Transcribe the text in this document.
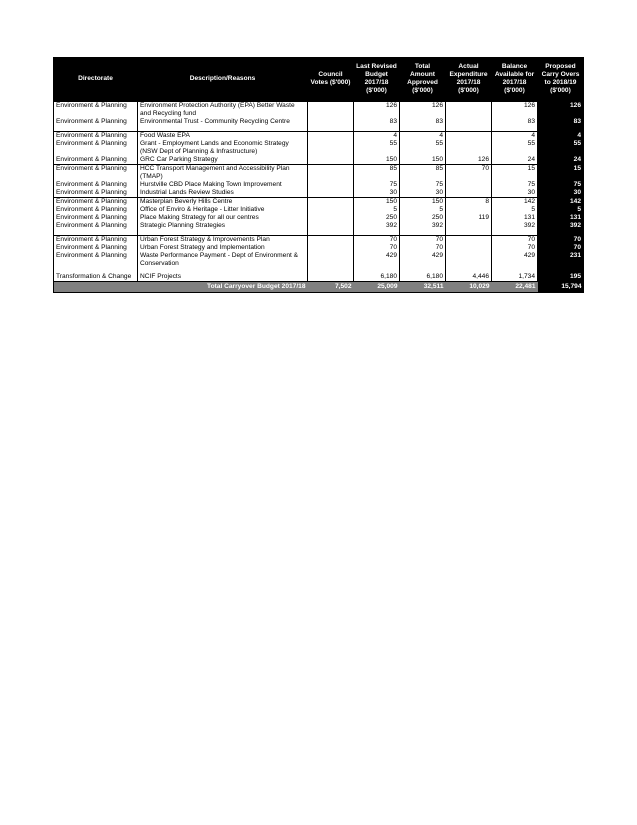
Directorate	Description/Reasons	Council Votes ($'000)	Last Revised Budget 2017/18 ($'000)	Total Amount Approved ($'000)	Actual Expenditure 2017/18 ($'000)	Balance Available for 2017/18 ($'000)	Proposed Carry Overs to 2018/19 ($'000)
Environment & Planning	Environment Protection Authority (EPA) Better Waste and Recycling fund		126	126		126	126
Environment & Planning	Environmental Trust - Community Recycling Centre		83	83		83	83

Environment & Planning	Food Waste EPA		4	4		4	4
Environment & Planning	Grant - Employment Lands and Economic Strategy (NSW Dept of Planning & Infrastructure)		55	55		55	55
Environment & Planning	GRC Car Parking Strategy		150	150	126	24	24
Environment & Planning	HCC Transport Management and Accessibility Plan (TMAP)		85	85	70	15	15
Environment & Planning	Hurstville CBD Place Making Town Improvement		75	75		75	75
Environment & Planning	Industrial Lands Review Studies		30	30		30	30
Environment & Planning	Masterplan Beverly Hills Centre		150	150	8	142	142
Environment & Planning	Office of Enviro & Heritage - Litter Initiative		5	5		5	5
Environment & Planning	Place Making Strategy for all our centres		250	250	119	131	131
Environment & Planning	Strategic Planning Strategies		392	392		392	392

Environment & Planning	Urban Forest Strategy & Improvements Plan		70	70		70	70
Environment & Planning	Urban Forest Strategy and Implementation		70	70		70	70
Environment & Planning	Waste Performance Payment - Dept of Environment & Conservation		429	429		429	231

Transformation & Change	NCIF Projects		6,180	6,180	4,446	1,734	195
Total Carryover Budget 2017/18		7,502	25,009	32,511	10,029	22,481	15,794
